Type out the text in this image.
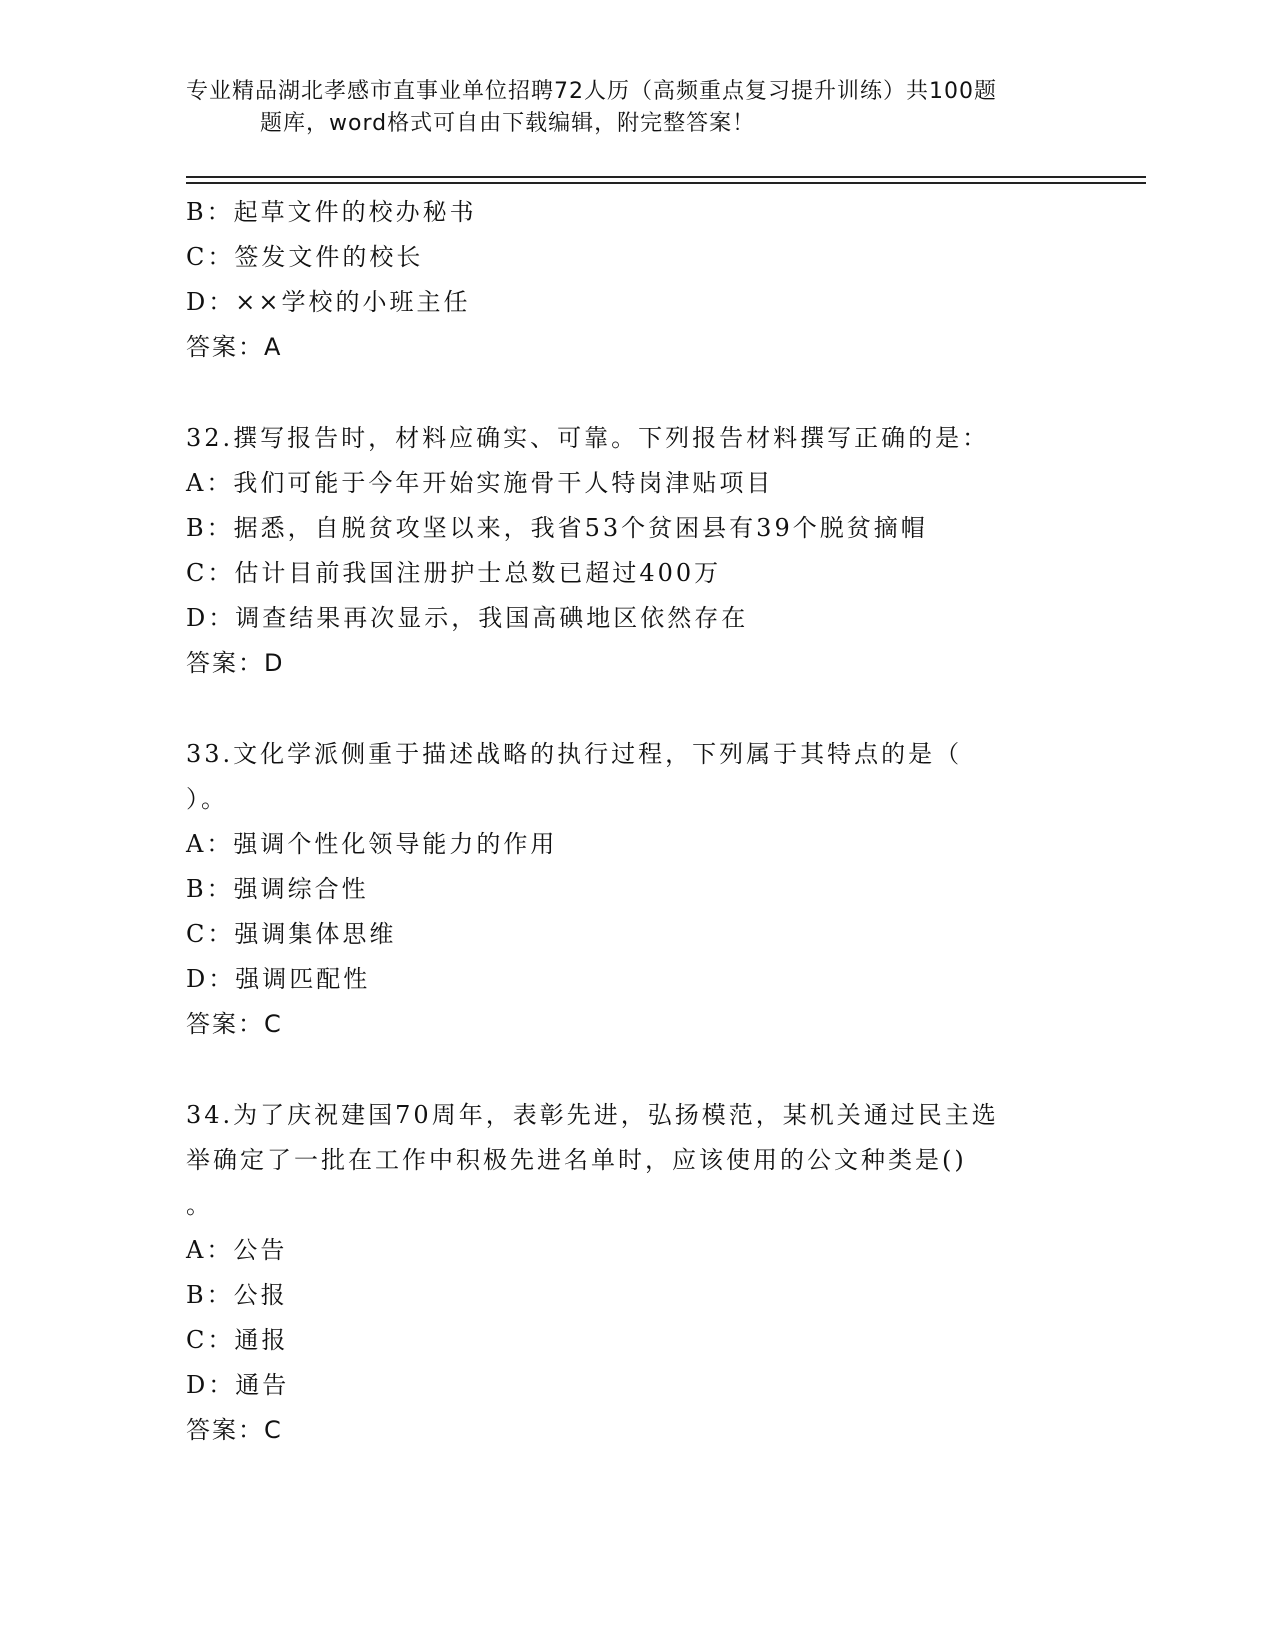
专业精品湖北孝感市直事业单位招聘72人历（高频重点复习提升训练）共100题
题库，word格式可自由下载编辑，附完整答案！
B：起草文件的校办秘书
C：签发文件的校长
D：××学校的小班主任
答案：A
32.撰写报告时，材料应确实、可靠。下列报告材料撰写正确的是：
A：我们可能于今年开始实施骨干人特岗津贴项目
B：据悉，自脱贫攻坚以来，我省53个贫困县有39个脱贫摘帽
C：估计目前我国注册护士总数已超过400万
D：调查结果再次显示，我国高碘地区依然存在
答案：D
33.文化学派侧重于描述战略的执行过程，下列属于其特点的是（
）。
A：强调个性化领导能力的作用
B：强调综合性
C：强调集体思维
D：强调匹配性
答案：C
34.为了庆祝建国70周年，表彰先进，弘扬模范，某机关通过民主选
举确定了一批在工作中积极先进名单时，应该使用的公文种类是()
。
A：公告
B：公报
C：通报
D：通告
答案：C
